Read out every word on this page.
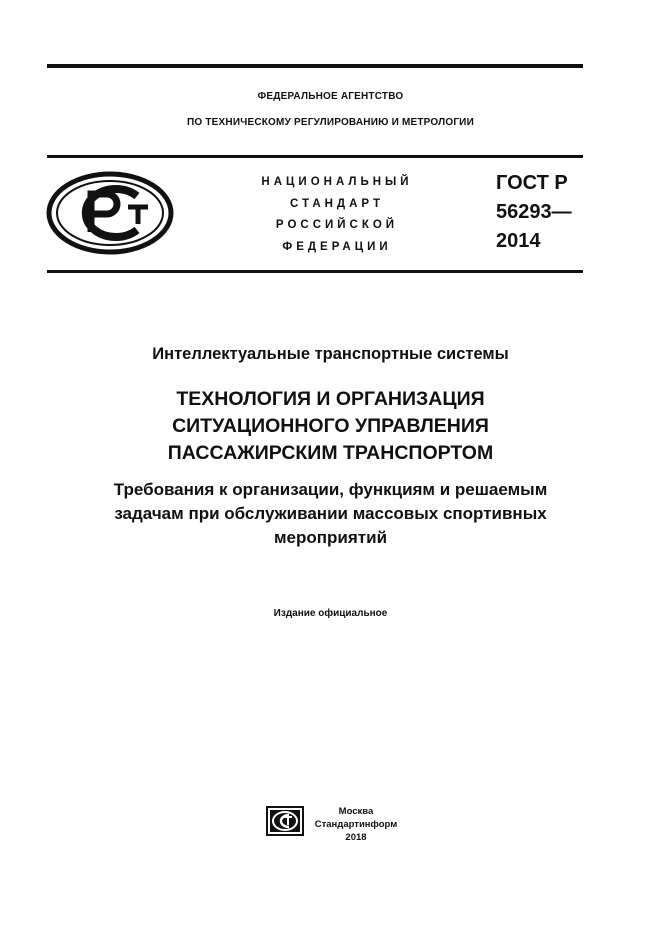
ФЕДЕРАЛЬНОЕ АГЕНТСТВО
ПО ТЕХНИЧЕСКОМУ РЕГУЛИРОВАНИЮ И МЕТРОЛОГИИ
НАЦИОНАЛЬНЫЙ
СТАНДАРТ
РОССИЙСКОЙ
ФЕДЕРАЦИИ
ГОСТ Р
56293—
2014
Интеллектуальные транспортные системы
ТЕХНОЛОГИЯ И ОРГАНИЗАЦИЯ
СИТУАЦИОННОГО УПРАВЛЕНИЯ
ПАССАЖИРСКИМ ТРАНСПОРТОМ
Требования к организации, функциям и решаемым
задачам при обслуживании массовых спортивных
мероприятий
Издание официальное
Москва
Стандартинформ
2018
